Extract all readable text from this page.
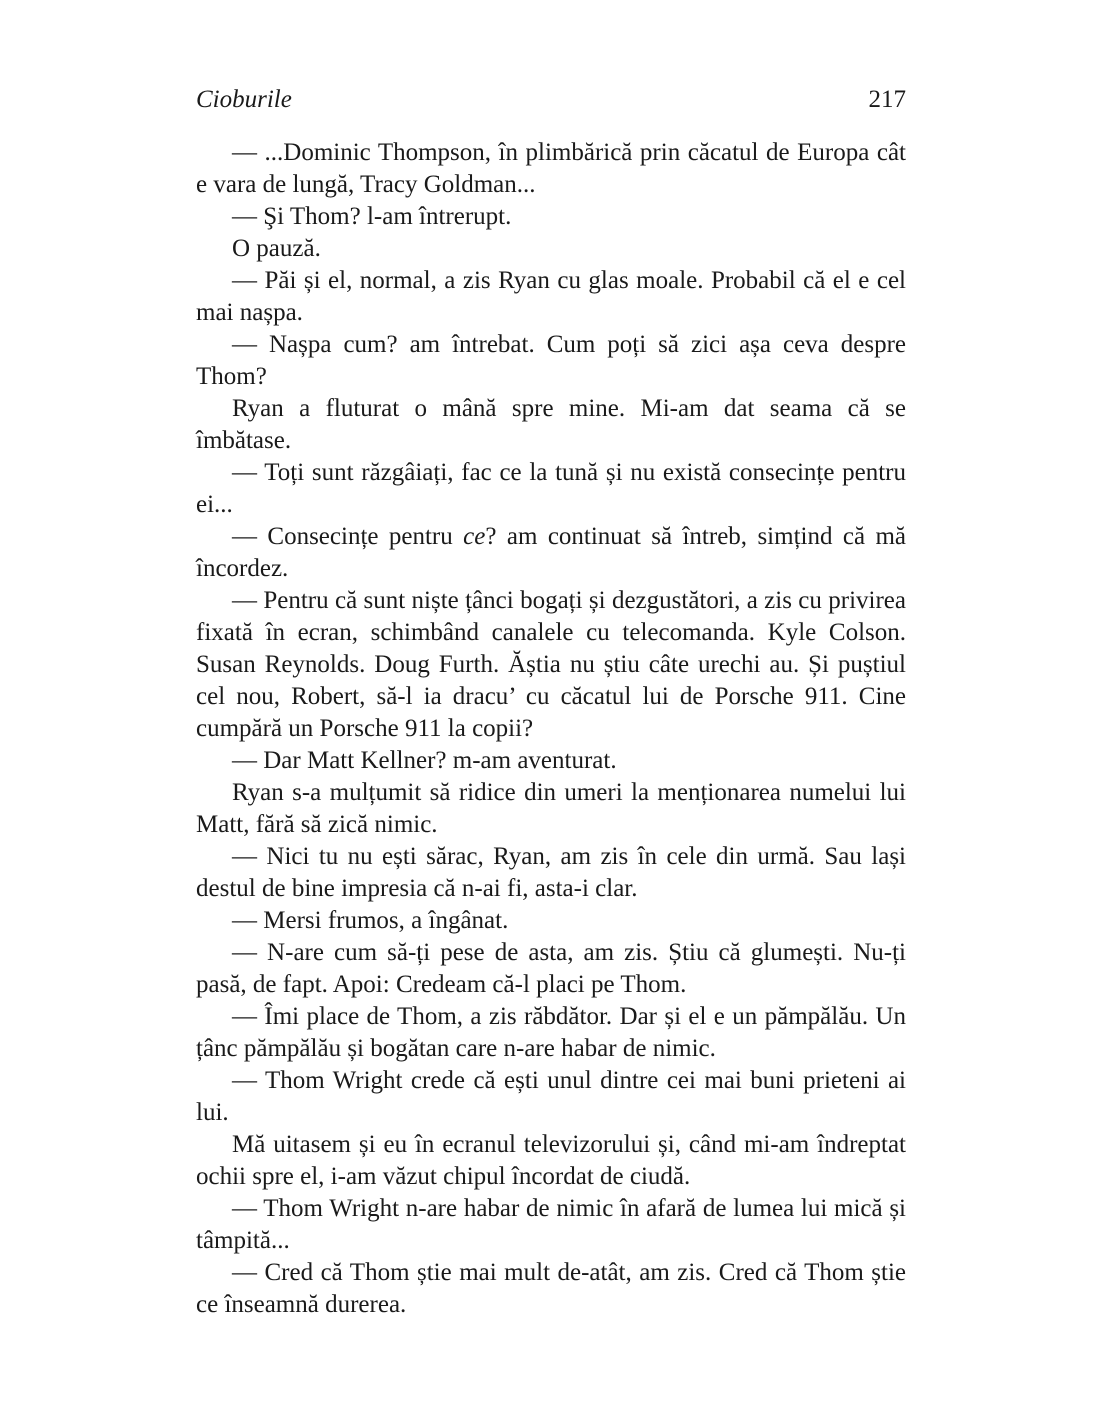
Cioburile	217

— ...Dominic Thompson, în plimbărică prin căcatul de Europa cât e vara de lungă, Tracy Goldman...

— Şi Thom? l-am întrerupt.

O pauză.

— Păi și el, normal, a zis Ryan cu glas moale. Probabil că el e cel mai nașpa.

— Nașpa cum? am întrebat. Cum poți să zici așa ceva despre Thom?

Ryan a fluturat o mână spre mine. Mi-am dat seama că se îmbătase.

— Toți sunt răzgâiați, fac ce la tună și nu există consecințe pentru ei...

— Consecințe pentru ce? am continuat să întreb, simțind că mă încordez.

— Pentru că sunt niște țânci bogați și dezgustători, a zis cu privirea fixată în ecran, schimbând canalele cu telecomanda. Kyle Colson. Susan Reynolds. Doug Furth. Ăștia nu știu câte urechi au. Și puștiul cel nou, Robert, să-l ia dracu’ cu căcatul lui de Porsche 911. Cine cumpără un Porsche 911 la copii?

— Dar Matt Kellner? m-am aventurat.

Ryan s-a mulțumit să ridice din umeri la menționarea numelui lui Matt, fără să zică nimic.

— Nici tu nu ești sărac, Ryan, am zis în cele din urmă. Sau lași destul de bine impresia că n-ai fi, asta-i clar.

— Mersi frumos, a îngânat.

— N-are cum să-ți pese de asta, am zis. Știu că glumești. Nu-ți pasă, de fapt. Apoi: Credeam că-l placi pe Thom.

— Îmi place de Thom, a zis răbdător. Dar și el e un pămpălău. Un țânc pămpălău și bogătan care n-are habar de nimic.

— Thom Wright crede că ești unul dintre cei mai buni prieteni ai lui.

Mă uitasem și eu în ecranul televizorului și, când mi-am îndreptat ochii spre el, i-am văzut chipul încordat de ciudă.

— Thom Wright n-are habar de nimic în afară de lumea lui mică și tâmpită...

— Cred că Thom știe mai mult de-atât, am zis. Cred că Thom știe ce înseamnă durerea.
